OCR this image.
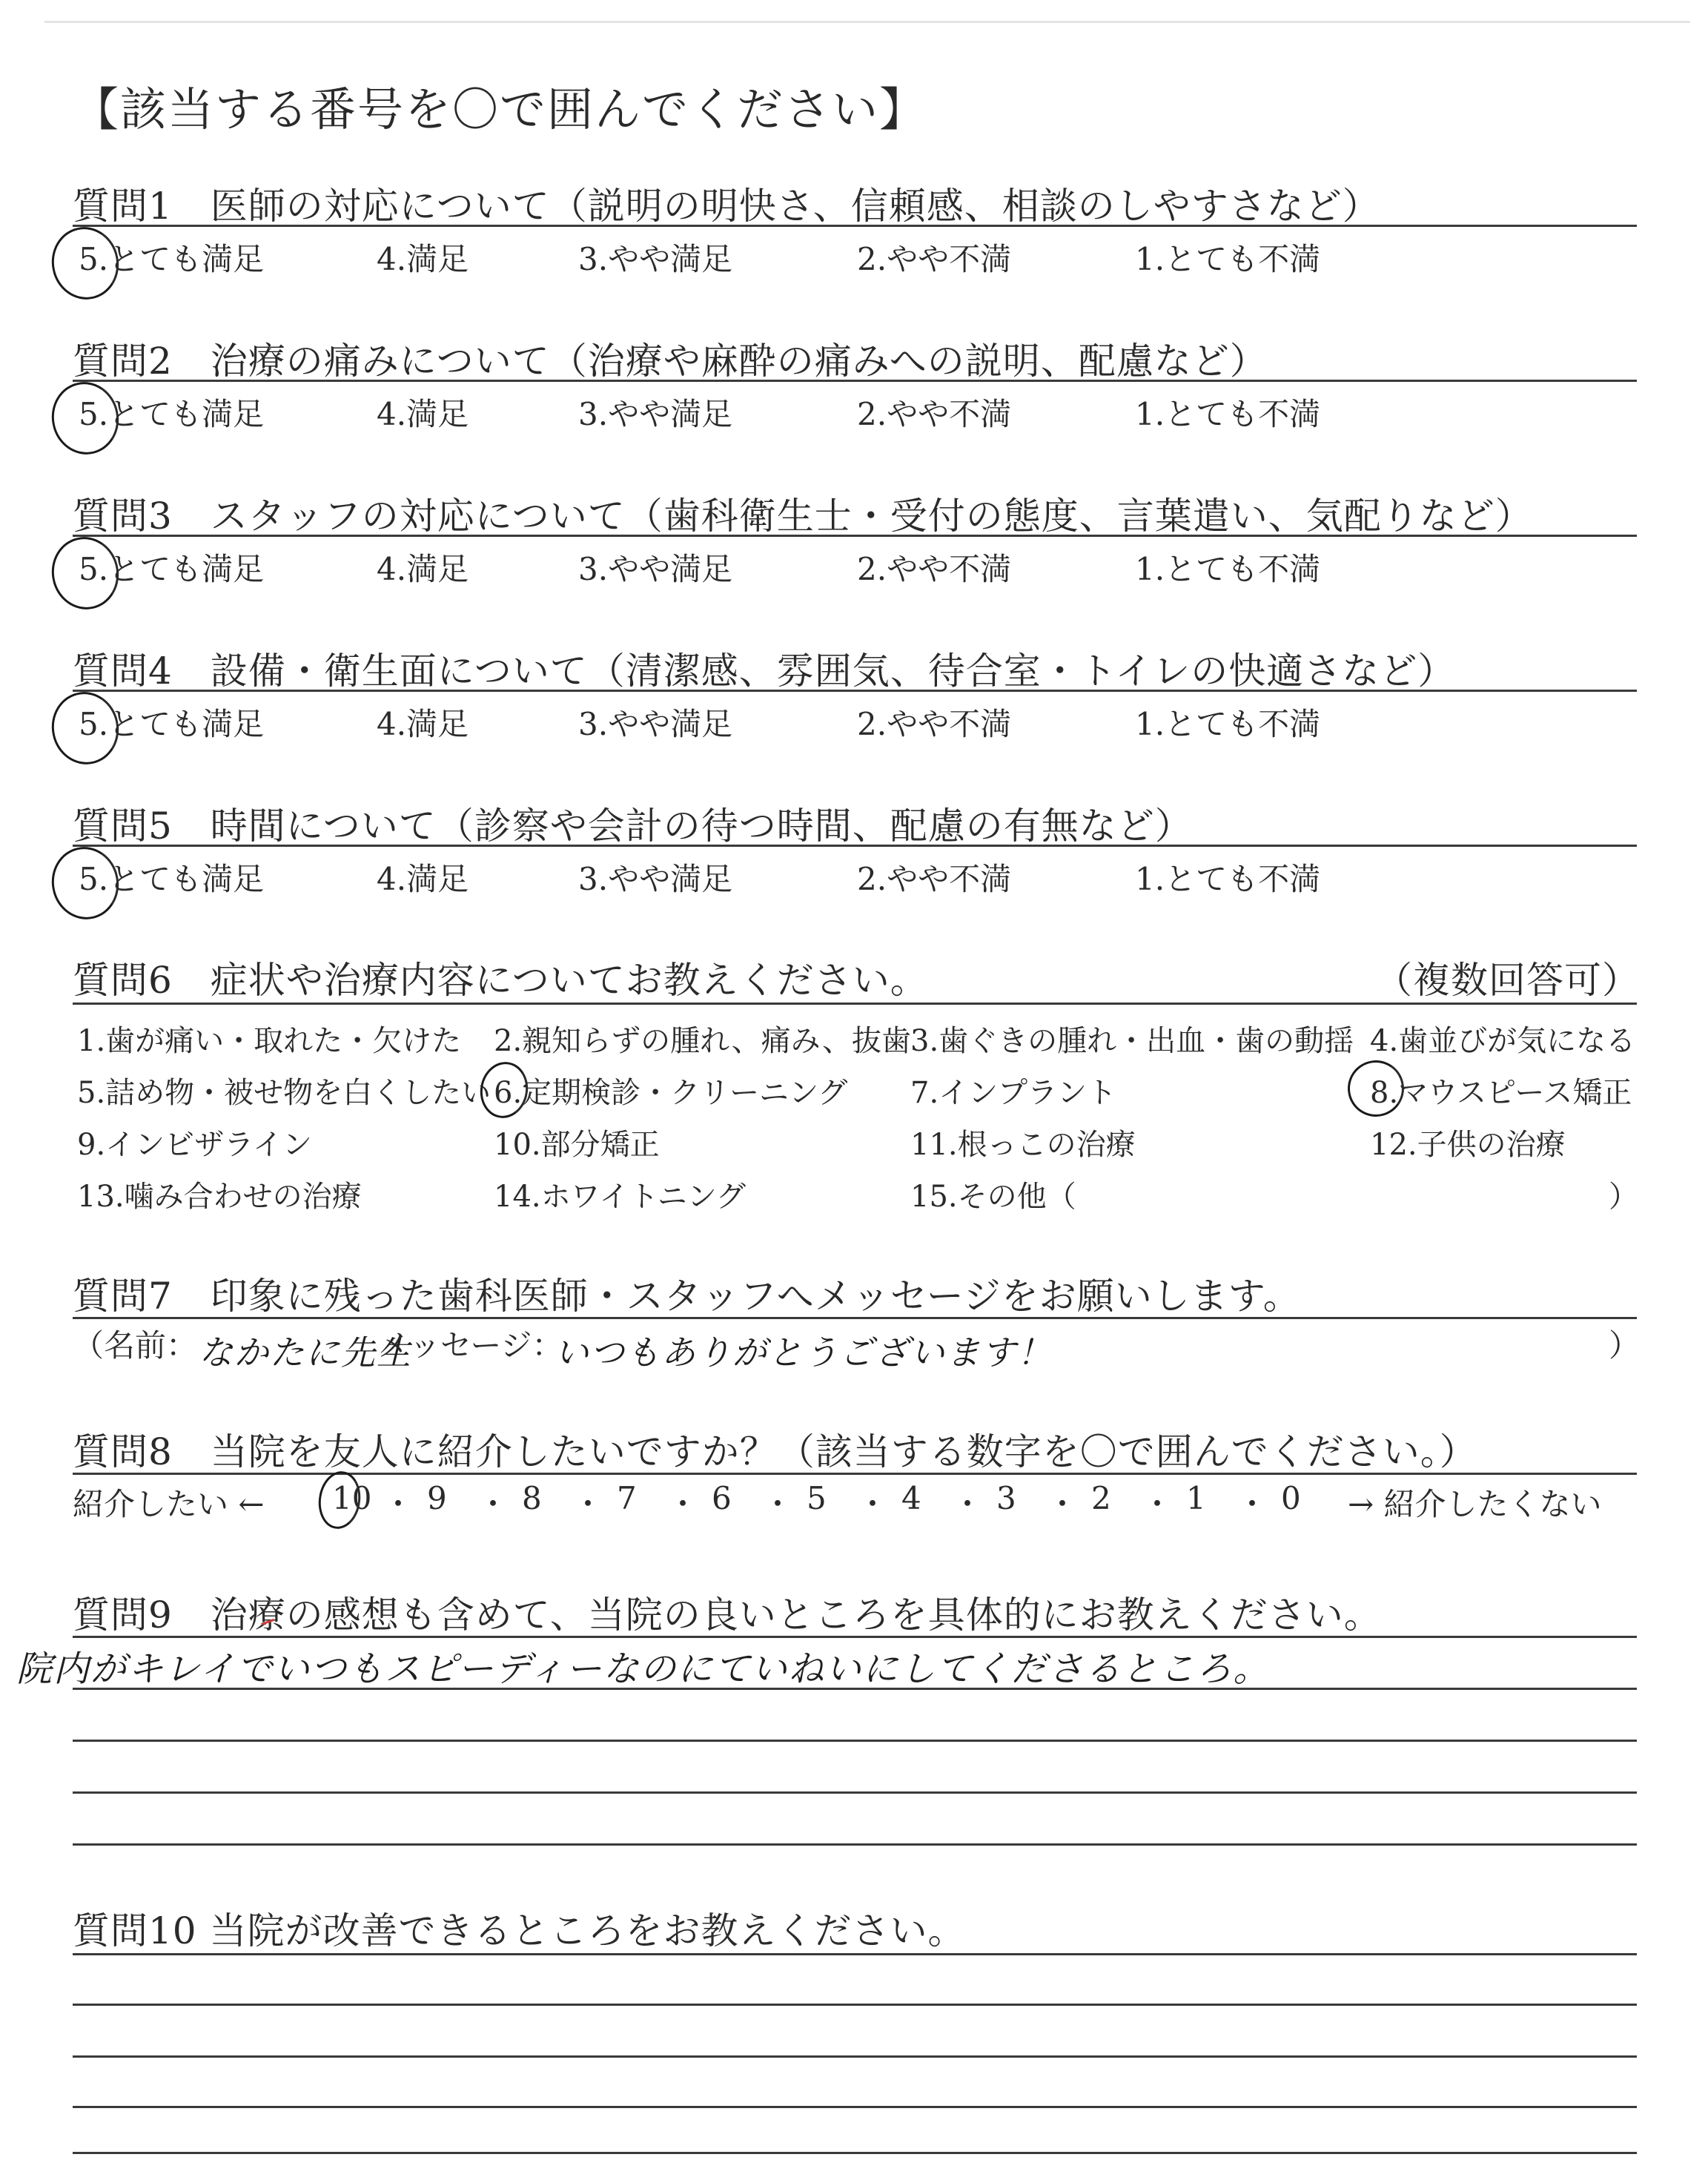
【該当する番号を〇で囲んでください】
質問1　医師の対応について（説明の明快さ、信頼感、相談のしやすさなど）
5.とても満足	4.満足	3.やや満足	2.やや不満	1.とても不満
質問2　治療の痛みについて（治療や麻酔の痛みへの説明、配慮など）
5.とても満足	4.満足	3.やや満足	2.やや不満	1.とても不満
質問3　スタッフの対応について（歯科衛生士・受付の態度、言葉遣い、気配りなど）
5.とても満足	4.満足	3.やや満足	2.やや不満	1.とても不満
質問4　設備・衛生面について（清潔感、雰囲気、待合室・トイレの快適さなど）
5.とても満足	4.満足	3.やや満足	2.やや不満	1.とても不満
質問5　時間について（診察や会計の待つ時間、配慮の有無など）
5.とても満足	4.満足	3.やや満足	2.やや不満	1.とても不満
質問6　症状や治療内容についてお教えください。	（複数回答可）
1.歯が痛い・取れた・欠けた 2.親知らずの腫れ、痛み、抜歯 3.歯ぐきの腫れ・出血・歯の動揺 4.歯並びが気になる
5.詰め物・被せ物を白くしたい 6.定期検診・クリーニング 7.インプラント	8.マウスピース矯正
9.インビザライン	10.部分矯正	11.根っこの治療	12.子供の治療
13.噛み合わせの治療	14.ホワイトニング	15.その他（	）
質問7　印象に残った歯科医師・スタッフへメッセージをお願いします。
（名前： なかたに先生
メッセージ：
いつもありがとうございます！	）
質問8　当院を友人に紹介したいですか？（該当する数字を〇で囲んでください。）
紹介したい ← 10 ・ 9 ・ 8 ・ 7 ・ 6 ・ 5 ・ 4 ・ 3 ・ 2 ・ 1 ・ 0 → 紹介したくない
質問9　治療の感想も含めて、当院の良いところを具体的にお教えください。
院内がキレイでいつもスピーディーなのにていねいにしてくださるところ。
質問10 当院が改善できるところをお教えください。
